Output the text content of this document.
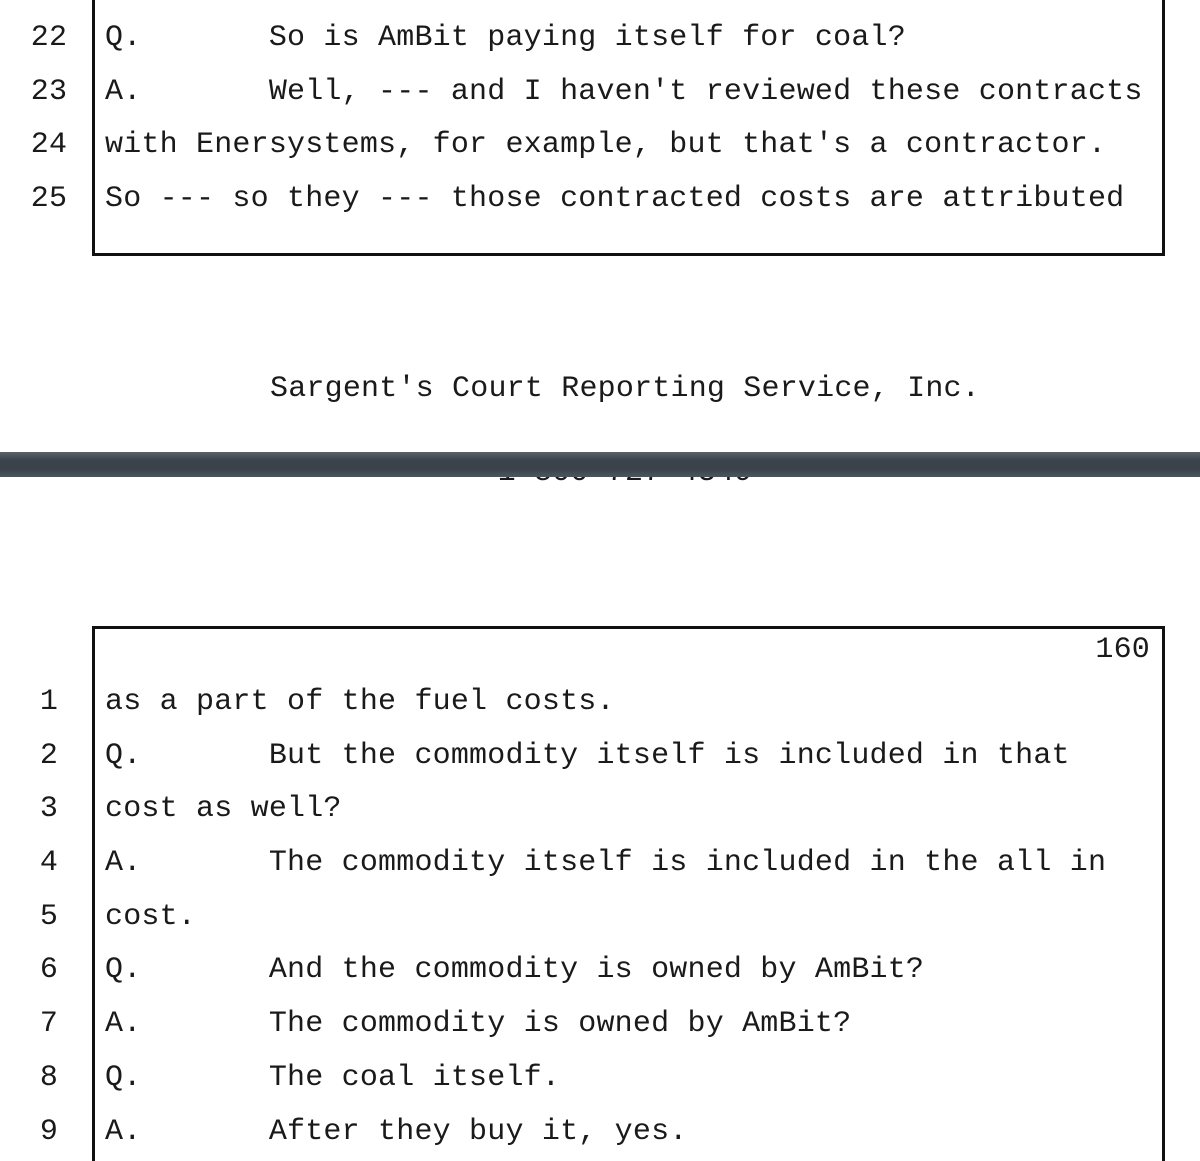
22 Q.       So is AmBit paying itself for coal?
23 A.       Well, --- and I haven't reviewed these contracts
24 with Enersystems, for example, but that's a contractor.
25 So --- so they --- those contracted costs are attributed

Sargent's Court Reporting Service, Inc.

160
1	as a part of the fuel costs.
2	Q.       But the commodity itself is included in that
3	cost as well?
4	A.       The commodity itself is included in the all in
5	cost.
6	Q.       And the commodity is owned by AmBit?
7	A.       The commodity is owned by AmBit?
8	Q.       The coal itself.
9	A.       After they buy it, yes.
